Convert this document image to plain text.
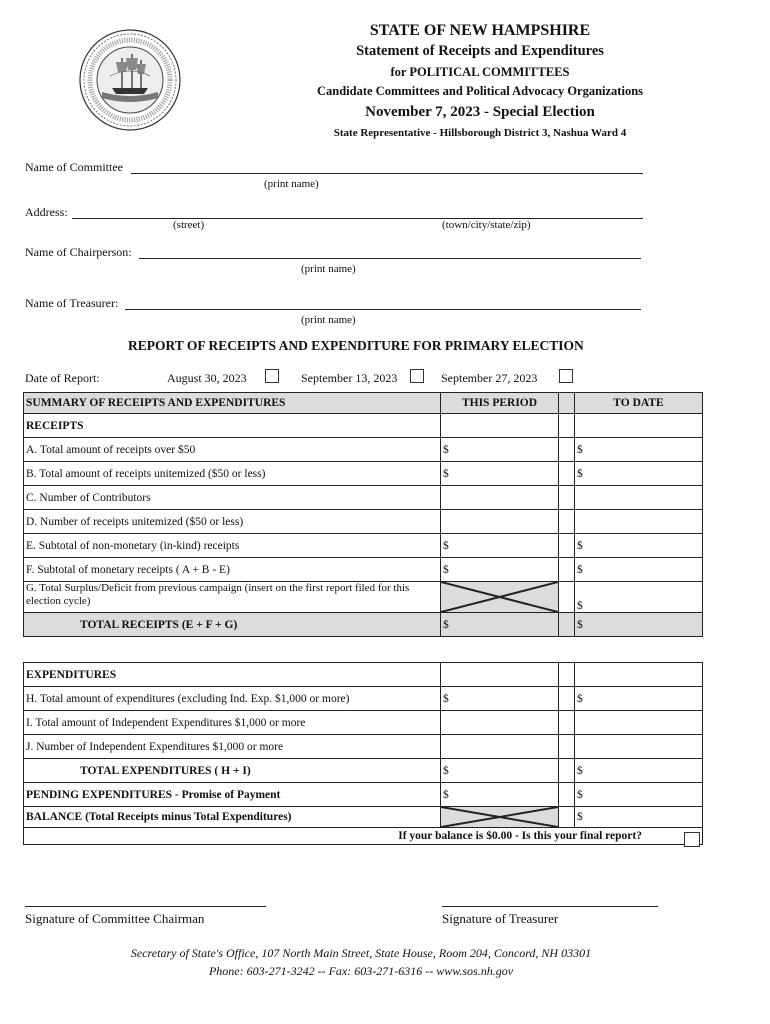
STATE OF NEW HAMPSHIRE
Statement of Receipts and Expenditures
for POLITICAL COMMITTEES
Candidate Committees and Political Advocacy Organizations
November 7, 2023 - Special Election
State Representative - Hillsborough District 3, Nashua Ward 4
Name of Committee
(print name)
Address:
(street)	(town/city/state/zip)
Name of Chairperson:
(print name)
Name of Treasurer:
(print name)
REPORT OF RECEIPTS AND EXPENDITURE FOR PRIMARY ELECTION
Date of Report:	August 30, 2023	September 13, 2023	September 27, 2023
SUMMARY OF RECEIPTS AND EXPENDITURES	THIS PERIOD		TO DATE
RECEIPTS			
A. Total amount of receipts over $50	$		$
B. Total amount of receipts unitemized ($50 or less)	$		$
C. Number of Contributors			
D. Number of receipts unitemized ($50 or less)			
E. Subtotal of non-monetary (in-kind) receipts	$		$
F. Subtotal of monetary receipts ( A + B - E)	$		$
G. Total Surplus/Deficit from previous campaign (insert on the first report filed for this election cycle)			$
TOTAL RECEIPTS (E + F + G)	$		$
EXPENDITURES			
H. Total amount of expenditures (excluding Ind. Exp. $1,000 or more)	$		$
I. Total amount of Independent Expenditures $1,000 or more			
J. Number of Independent Expenditures $1,000 or more			
TOTAL EXPENDITURES ( H + I)	$		$
PENDING EXPENDITURES - Promise of Payment	$		$
BALANCE (Total Receipts minus Total Expenditures)			$
If your balance is $0.00 - Is this your final report?			
Signature of Committee Chairman	Signature of Treasurer
Secretary of State's Office, 107 North Main Street, State House, Room 204, Concord, NH 03301
Phone: 603-271-3242 -- Fax: 603-271-6316 -- www.sos.nh.gov
